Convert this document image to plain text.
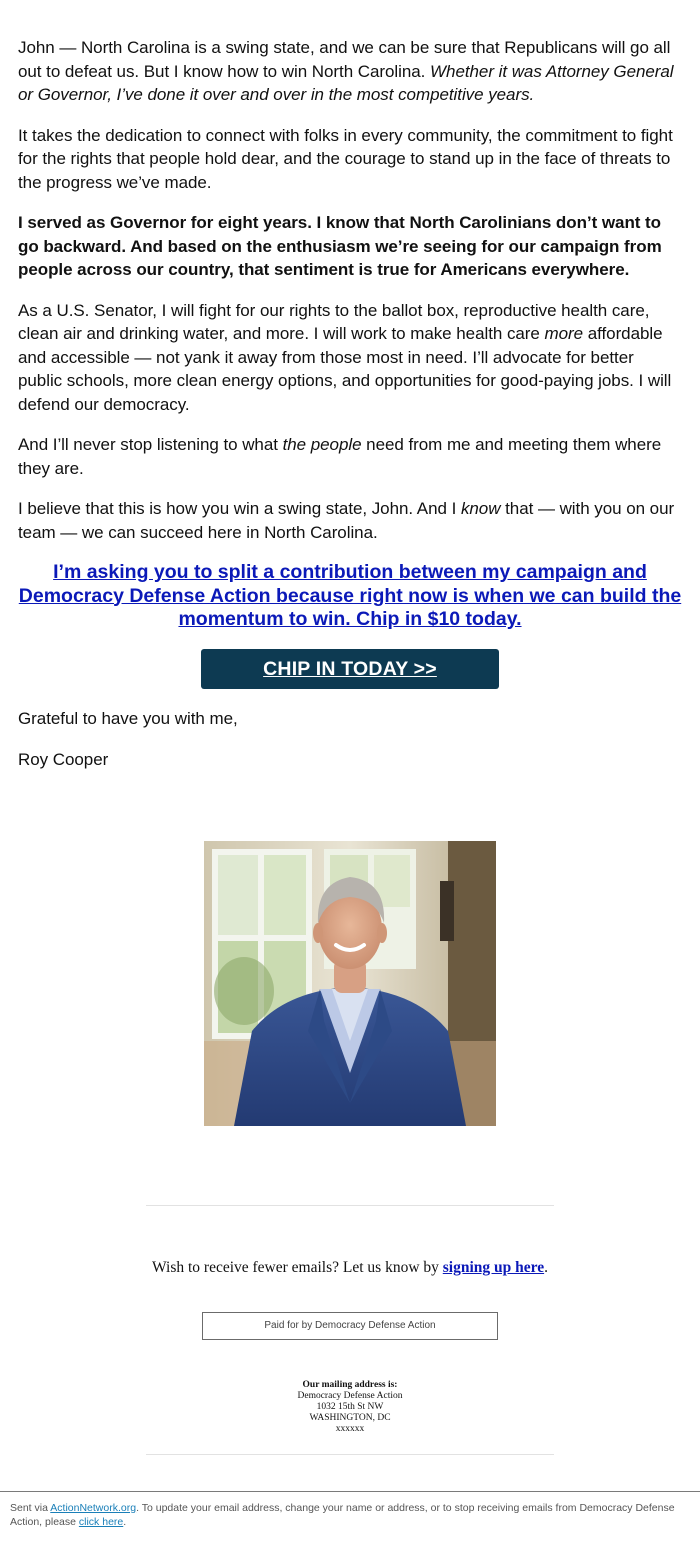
John — North Carolina is a swing state, and we can be sure that Republicans will go all out to defeat us. But I know how to win North Carolina. Whether it was Attorney General or Governor, I’ve done it over and over in the most competitive years.

It takes the dedication to connect with folks in every community, the commitment to fight for the rights that people hold dear, and the courage to stand up in the face of threats to the progress we’ve made.

I served as Governor for eight years. I know that North Carolinians don’t want to go backward. And based on the enthusiasm we’re seeing for our campaign from people across our country, that sentiment is true for Americans everywhere.

As a U.S. Senator, I will fight for our rights to the ballot box, reproductive health care, clean air and drinking water, and more. I will work to make health care more affordable and accessible — not yank it away from those most in need. I’ll advocate for better public schools, more clean energy options, and opportunities for good-paying jobs. I will defend our democracy.

And I’ll never stop listening to what the people need from me and meeting them where they are.

I believe that this is how you win a swing state, John. And I know that — with you on our team — we can succeed here in North Carolina.

I’m asking you to split a contribution between my campaign and Democracy Defense Action because right now is when we can build the momentum to win. Chip in $10 today.
CHIP IN TODAY >>

Grateful to have you with me,

Roy Cooper

Wish to receive fewer emails? Let us know by signing up here.
Paid for by Democracy Defense Action
Our mailing address is:
Democracy Defense Action
1032 15th St NW
WASHINGTON, DC
xxxxxx
Sent via ActionNetwork.org. To update your email address, change your name or address, or to stop receiving emails from Democracy Defense Action, please click here.
